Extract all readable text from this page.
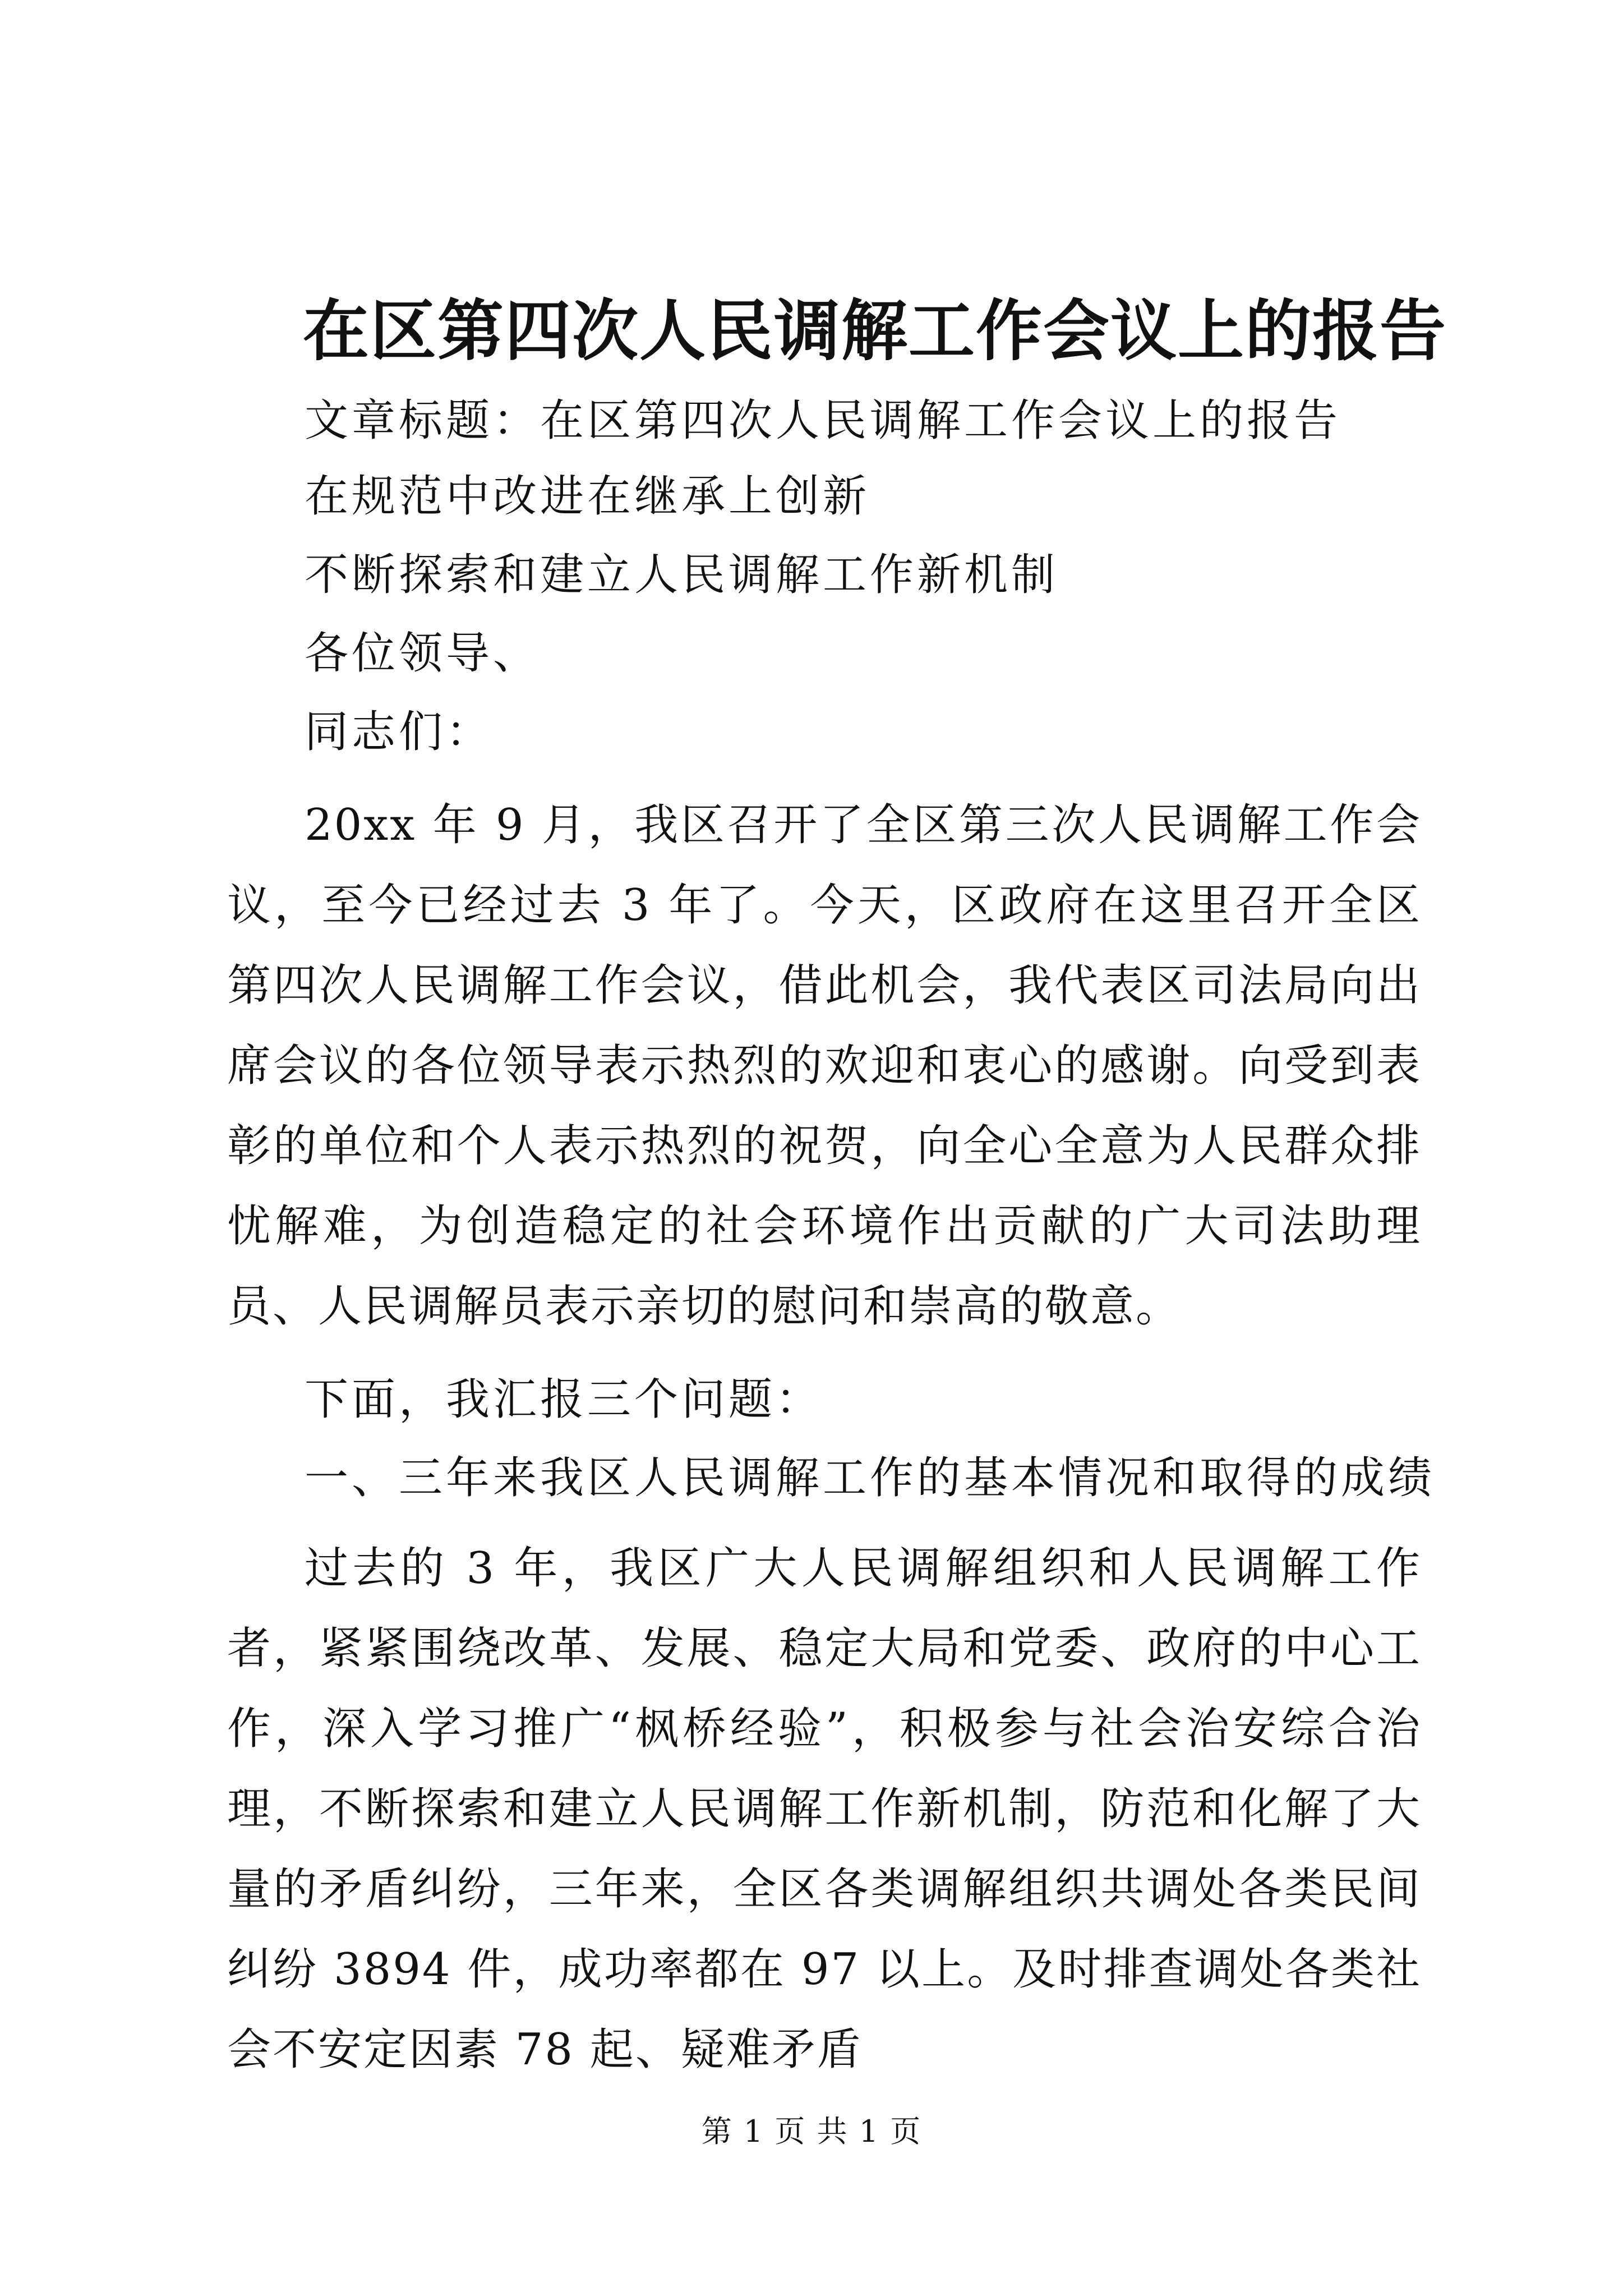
在区第四次人民调解工作会议上的报告

文章标题：在区第四次人民调解工作会议上的报告

在规范中改进在继承上创新

不断探索和建立人民调解工作新机制

各位领导、

同志们：

20xx 年 9 月，我区召开了全区第三次人民调解工作会议，至今已经过去 3 年了。今天，区政府在这里召开全区第四次人民调解工作会议，借此机会，我代表区司法局向出席会议的各位领导表示热烈的欢迎和衷心的感谢。向受到表彰的单位和个人表示热烈的祝贺，向全心全意为人民群众排忧解难，为创造稳定的社会环境作出贡献的广大司法助理员、人民调解员表示亲切的慰问和崇高的敬意。

下面，我汇报三个问题：

一、三年来我区人民调解工作的基本情况和取得的成绩

过去的 3 年，我区广大人民调解组织和人民调解工作者，紧紧围绕改革、发展、稳定大局和党委、政府的中心工作，深入学习推广“枫桥经验”，积极参与社会治安综合治理，不断探索和建立人民调解工作新机制，防范和化解了大量的矛盾纠纷，三年来，全区各类调解组织共调处各类民间纠纷 3894 件，成功率都在 97 以上。及时排查调处各类社会不安定因素 78 起、疑难矛盾

第 1 页 共 1 页
